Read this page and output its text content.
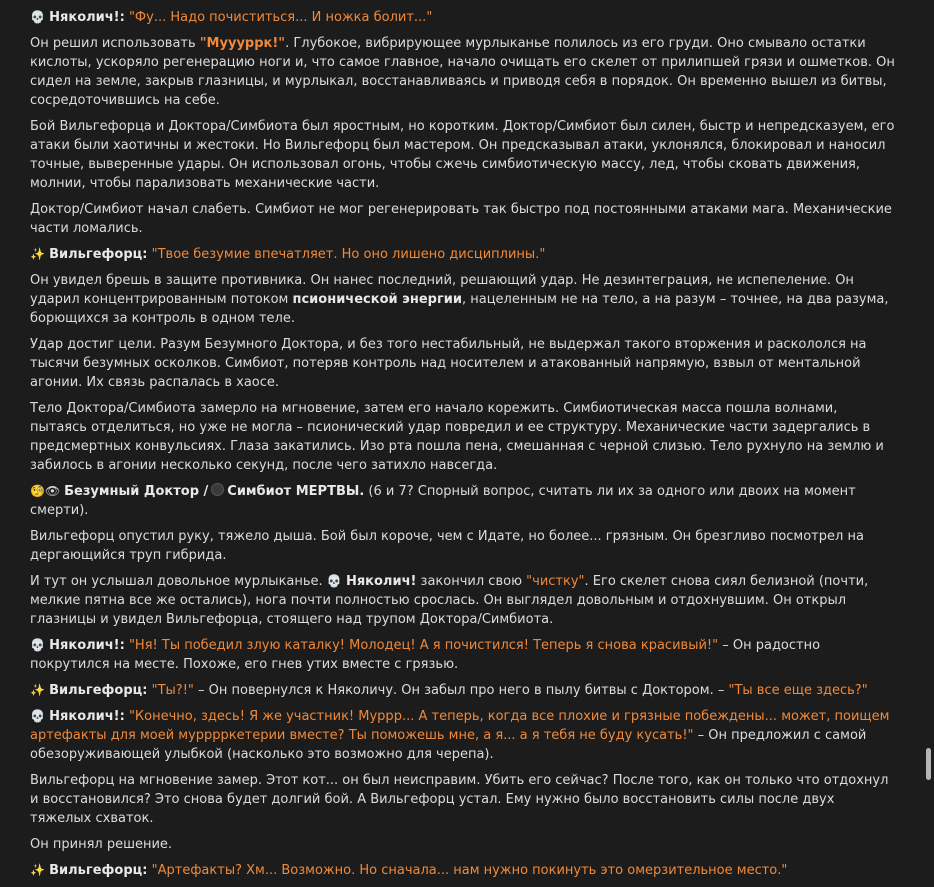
💀 Няколич!: "Фу... Надо почиститься... И ножка болит..."

Он решил использовать "Муууррк!". Глубокое, вибрирующее мурлыканье полилось из его груди. Оно смывало остатки кислоты, ускоряло регенерацию ноги и, что самое главное, начало очищать его скелет от прилипшей грязи и ошметков. Он сидел на земле, закрыв глазницы, и мурлыкал, восстанавливаясь и приводя себя в порядок. Он временно вышел из битвы, сосредоточившись на себе.

Бой Вильгефорца и Доктора/Симбиота был яростным, но коротким. Доктор/Симбиот был силен, быстр и непредсказуем, его атаки были хаотичны и жестоки. Но Вильгефорц был мастером. Он предсказывал атаки, уклонялся, блокировал и наносил точные, выверенные удары. Он использовал огонь, чтобы сжечь симбиотическую массу, лед, чтобы сковать движения, молнии, чтобы парализовать механические части.

Доктор/Симбиот начал слабеть. Симбиот не мог регенерировать так быстро под постоянными атаками мага. Механические части ломались.

✨ Вильгефорц: "Твое безумие впечатляет. Но оно лишено дисциплины."

Он увидел брешь в защите противника. Он нанес последний, решающий удар. Не дезинтеграция, не испепеление. Он ударил концентрированным потоком псионической энергии, нацеленным не на тело, а на разум – точнее, на два разума, борющихся за контроль в одном теле.

Удар достиг цели. Разум Безумного Доктора, и без того нестабильный, не выдержал такого вторжения и раскололся на тысячи безумных осколков. Симбиот, потеряв контроль над носителем и атакованный напрямую, взвыл от ментальной агонии. Их связь распалась в хаосе.

Тело Доктора/Симбиота замерло на мгновение, затем его начало корежить. Симбиотическая масса пошла волнами, пытаясь отделиться, но уже не могла – псионический удар повредил и ее структуру. Механические части задергались в предсмертных конвульсиях. Глаза закатились. Изо рта пошла пена, смешанная с черной слизью. Тело рухнуло на землю и забилось в агонии несколько секунд, после чего затихло навсегда.

🧐👁 Безумный Доктор / Симбиот МЕРТВЫ. (6 и 7? Спорный вопрос, считать ли их за одного или двоих на момент смерти).

Вильгефорц опустил руку, тяжело дыша. Бой был короче, чем с Идате, но более... грязным. Он брезгливо посмотрел на дергающийся труп гибрида.

И тут он услышал довольное мурлыканье. 💀 Няколич! закончил свою "чистку". Его скелет снова сиял белизной (почти, мелкие пятна все же остались), нога почти полностью срослась. Он выглядел довольным и отдохнувшим. Он открыл глазницы и увидел Вильгефорца, стоящего над трупом Доктора/Симбиота.

💀 Няколич!: "Ня! Ты победил злую каталку! Молодец! А я почистился! Теперь я снова красивый!" – Он радостно покрутился на месте. Похоже, его гнев утих вместе с грязью.

✨ Вильгефорц: "Ты?!" – Он повернулся к Няколичу. Он забыл про него в пылу битвы с Доктором. – "Ты все еще здесь?"

💀 Няколич!: "Конечно, здесь! Я же участник! Муррр... А теперь, когда все плохие и грязные побеждены... может, поищем артефакты для моей мурррркетерии вместе? Ты поможешь мне, а я... а я тебя не буду кусать!" – Он предложил с самой обезоруживающей улыбкой (насколько это возможно для черепа).

Вильгефорц на мгновение замер. Этот кот... он был неисправим. Убить его сейчас? После того, как он только что отдохнул и восстановился? Это снова будет долгий бой. А Вильгефорц устал. Ему нужно было восстановить силы после двух тяжелых схваток.

Он принял решение.

✨ Вильгефорц: "Артефакты? Хм... Возможно. Но сначала... нам нужно покинуть это омерзительное место."
